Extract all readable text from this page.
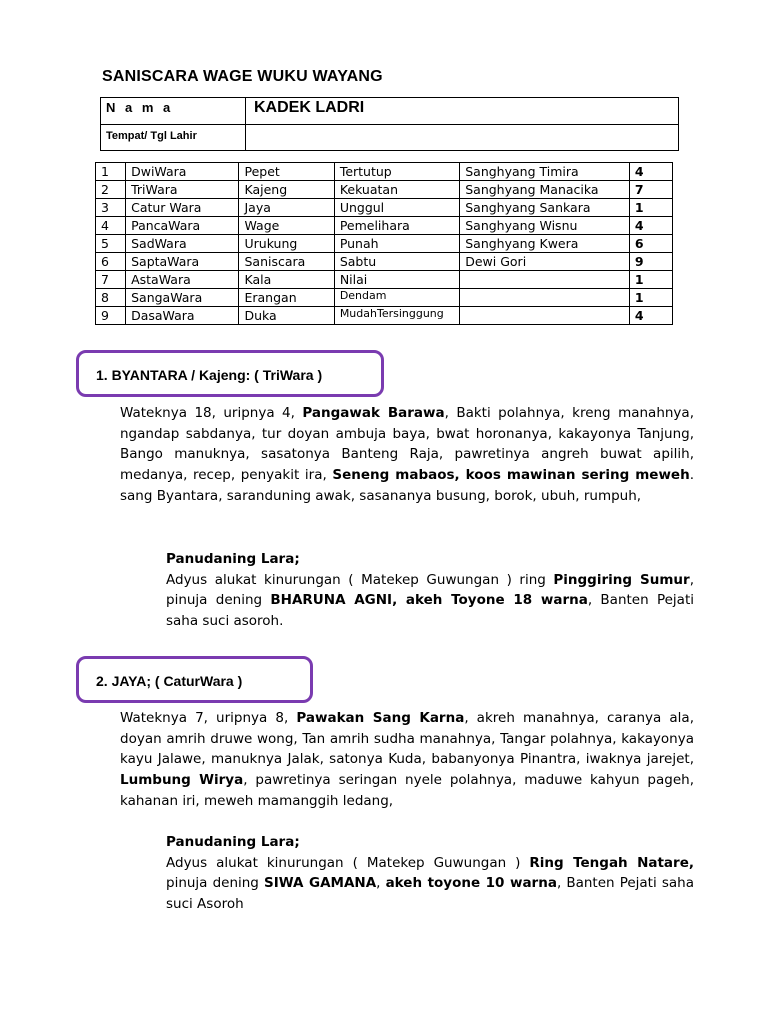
SANISCARA WAGE WUKU WAYANG
N a m a	KADEK LADRI
Tempat/ Tgl Lahir	
1	DwiWara	Pepet	Tertutup	Sanghyang Timira	4
2	TriWara	Kajeng	Kekuatan	Sanghyang Manacika	7
3	Catur Wara	Jaya	Unggul	Sanghyang Sankara	1
4	PancaWara	Wage	Pemelihara	Sanghyang Wisnu	4
5	SadWara	Urukung	Punah	Sanghyang Kwera	6
6	SaptaWara	Saniscara	Sabtu	Dewi Gori	9
7	AstaWara	Kala	Nilai		1
8	SangaWara	Erangan	Dendam		1
9	DasaWara	Duka	MudahTersinggung		4
1. BYANTARA / Kajeng: ( TriWara )
Wateknya 18, uripnya 4, Pangawak Barawa, Bakti polahnya, kreng manahnya, ngandap sabdanya, tur doyan ambuja baya, bwat horonanya, kakayonya Tanjung, Bango manuknya, sasatonya Banteng Raja, pawretinya angreh buwat apilih, medanya, recep, penyakit ira, Seneng mabaos, koos mawinan sering meweh. sang Byantara, saranduning awak, sasananya busung, borok, ubuh, rumpuh,
Panudaning Lara;
Adyus alukat kinurungan ( Matekep Guwungan ) ring Pinggiring Sumur, pinuja dening BHARUNA AGNI, akeh Toyone 18 warna, Banten Pejati saha suci asoroh.
2. JAYA; ( CaturWara )
Wateknya 7, uripnya 8, Pawakan Sang Karna, akreh manahnya, caranya ala, doyan amrih druwe wong, Tan amrih sudha manahnya, Tangar polahnya, kakayonya kayu Jalawe, manuknya Jalak, satonya Kuda, babanyonya Pinantra, iwaknya jarejet, Lumbung Wirya, pawretinya seringan nyele polahnya, maduwe kahyun pageh, kahanan iri, meweh mamanggih ledang,
Panudaning Lara;
Adyus alukat kinurungan ( Matekep Guwungan ) Ring Tengah Natare, pinuja dening SIWA GAMANA, akeh toyone 10 warna, Banten Pejati saha suci Asoroh
